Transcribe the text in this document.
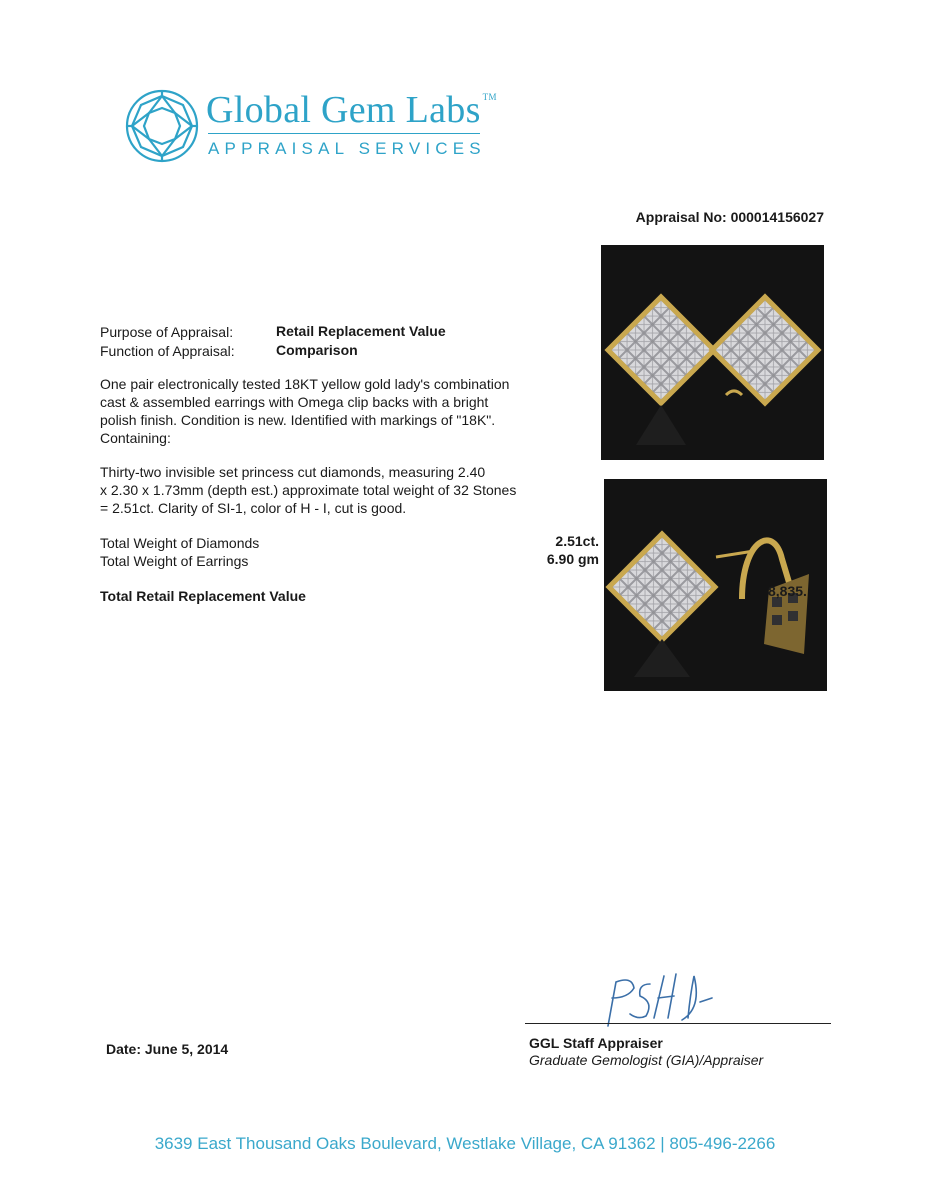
Global Gem Labs ™
APPRAISAL SERVICES
Appraisal No: 000014156027
Purpose of Appraisal:	Retail Replacement Value
Function of Appraisal:	Comparison
One pair electronically tested 18KT yellow gold lady's combination
cast & assembled earrings with Omega clip backs with a bright
polish finish. Condition is new. Identified with markings of "18K".
Containing:
Thirty-two invisible set princess cut diamonds, measuring 2.40
x 2.30 x 1.73mm (depth est.) approximate total weight of 32 Stones
= 2.51ct. Clarity of SI-1, color of H - I, cut is good.
Total Weight of Diamonds	2.51ct.
Total Weight of Earrings	6.90 gm
Total Retail Replacement Value	8,835.
GGL Staff Appraiser
Graduate Gemologist (GIA)/Appraiser
Date: June 5, 2014
3639 East Thousand Oaks Boulevard, Westlake Village, CA 91362 | 805-496-2266
